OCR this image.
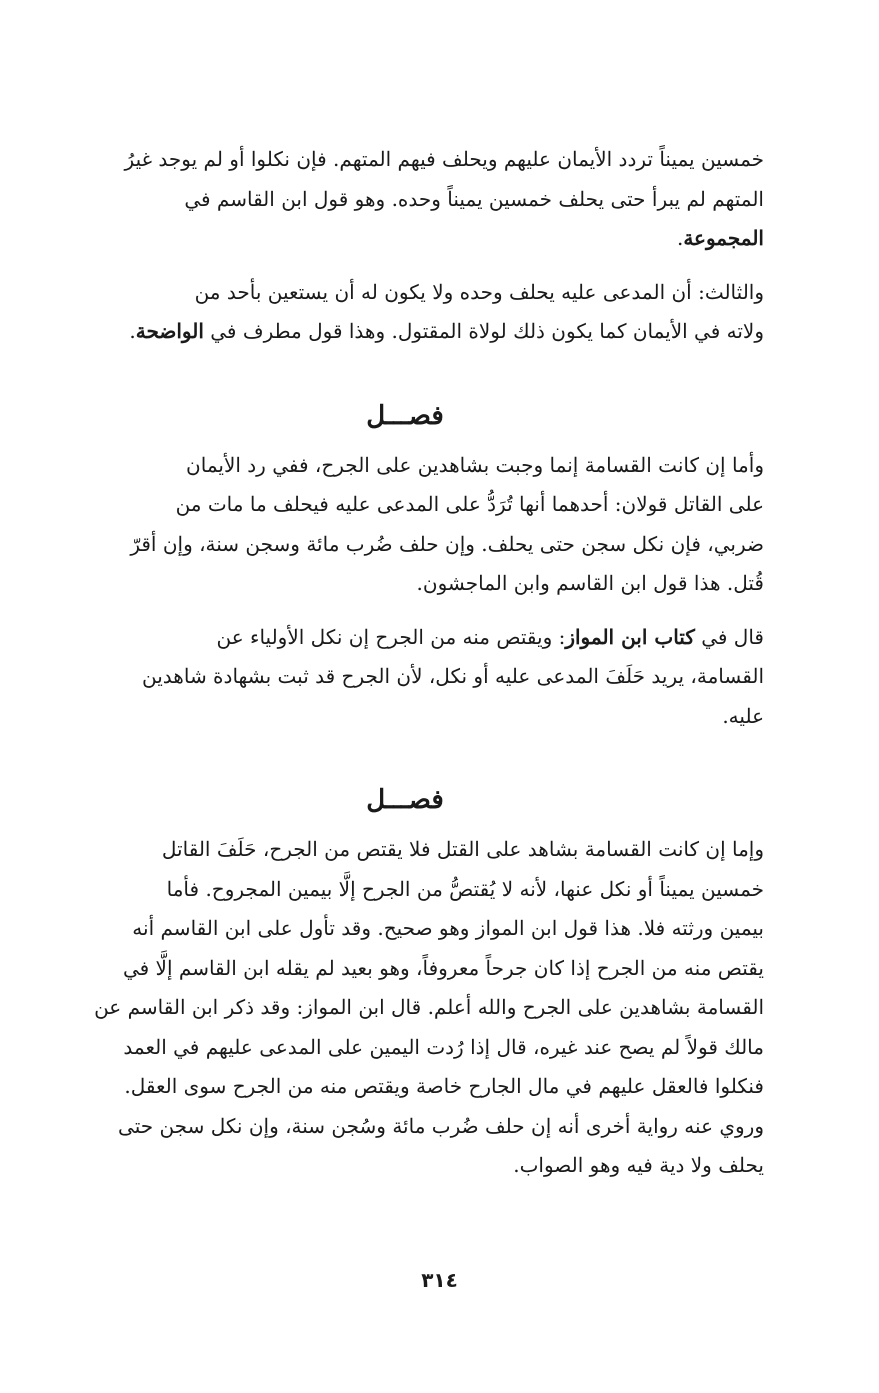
خمسين يميناً تردد الأيمان عليهم ويحلف فيهم المتهم. فإن نكلوا أو لم يوجد غيرُ
المتهم لم يبرأ حتى يحلف خمسين يميناً وحده. وهو قول ابن القاسم في
المجموعة.

والثالث: أن المدعى عليه يحلف وحده ولا يكون له أن يستعين بأحد من
ولاته في الأيمان كما يكون ذلك لولاة المقتول. وهذا قول مطرف في الواضحة.

فصـــل

وأما إن كانت القسامة إنما وجبت بشاهدين على الجرح، ففي رد الأيمان
على القاتل قولان: أحدهما أنها تُرَدُّ على المدعى عليه فيحلف ما مات من
ضربي، فإن نكل سجن حتى يحلف. وإن حلف ضُرب مائة وسجن سنة، وإن أقرّ
قُتل. هذا قول ابن القاسم وابن الماجشون.

قال في كتاب ابن المواز: ويقتص منه من الجرح إن نكل الأولياء عن
القسامة، يريد حَلَفَ المدعى عليه أو نكل، لأن الجرح قد ثبت بشهادة شاهدين
عليه.

فصـــل

وإما إن كانت القسامة بشاهد على القتل فلا يقتص من الجرح، حَلَفَ القاتل
خمسين يميناً أو نكل عنها، لأنه لا يُقتصُّ من الجرح إلَّا بيمين المجروح. فأما
بيمين ورثته فلا. هذا قول ابن المواز وهو صحيح. وقد تأول على ابن القاسم أنه
يقتص منه من الجرح إذا كان جرحاً معروفاً، وهو بعيد لم يقله ابن القاسم إلَّا في
القسامة بشاهدين على الجرح والله أعلم. قال ابن المواز: وقد ذكر ابن القاسم عن
مالك قولاً لم يصح عند غيره، قال إذا رُدت اليمين على المدعى عليهم في العمد
فنكلوا فالعقل عليهم في مال الجارح خاصة ويقتص منه من الجرح سوى العقل.
وروي عنه رواية أخرى أنه إن حلف ضُرب مائة وسُجن سنة، وإن نكل سجن حتى
يحلف ولا دية فيه وهو الصواب.

٣١٤
